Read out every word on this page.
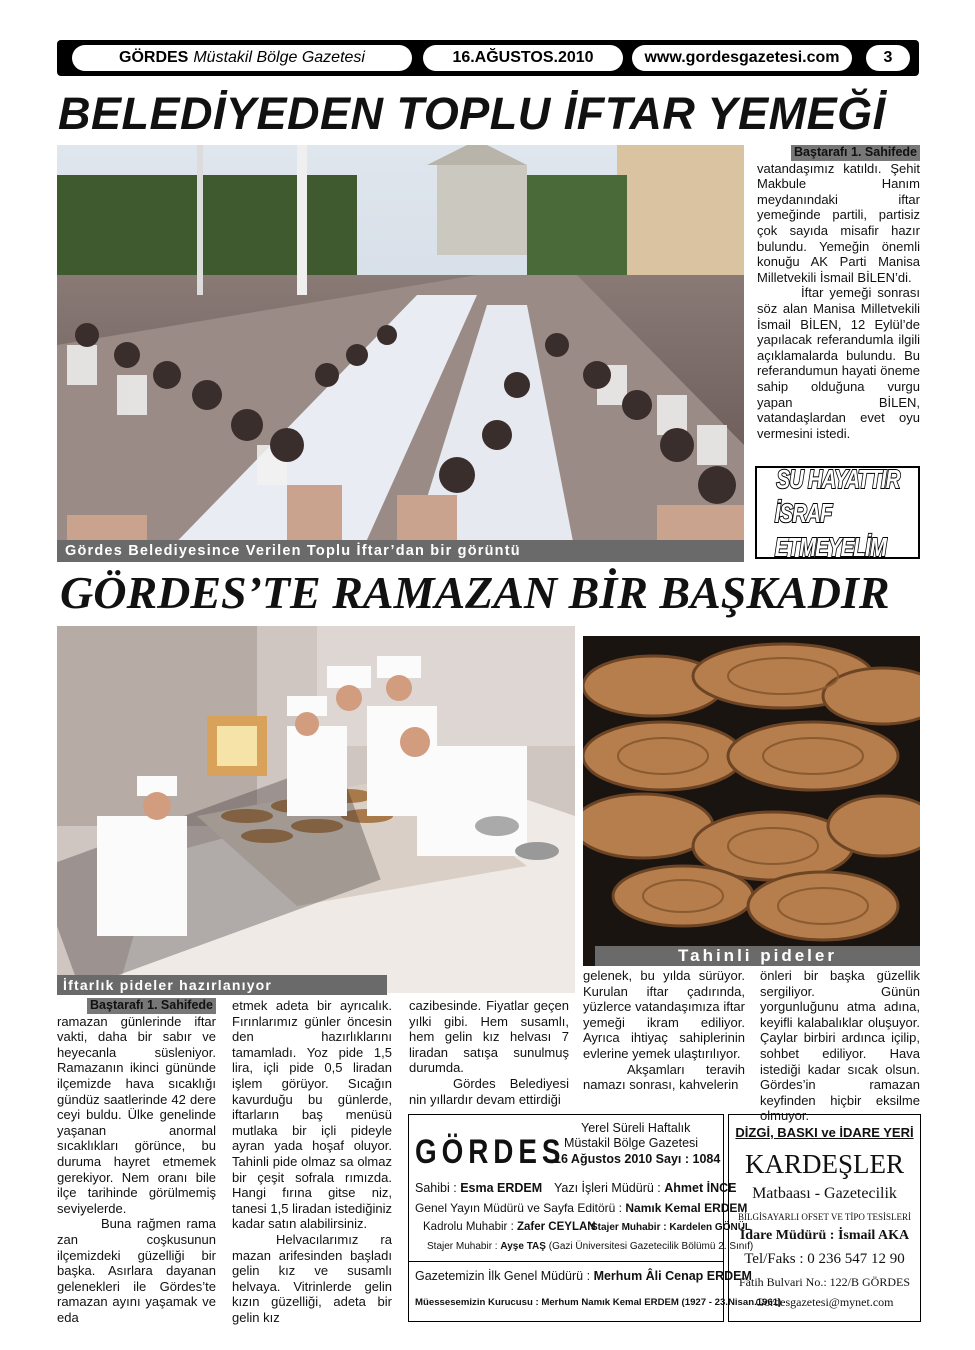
GÖRDES Müstakil Bölge Gazetesi	16.AĞUSTOS.2010	www.gordesgazetesi.com	3
BELEDİYEDEN TOPLU İFTAR YEMEĞİ
Gördes Belediyesince Verilen Toplu İftar’dan bir görüntü
Baştarafı 1. Sahifede

vatandaşımız katıldı. Şehit Makbule Hanım meydanındaki iftar yemeğinde partili, partisiz çok sayıda misafir hazır bulundu. Yemeğin önemli konuğu AK Parti Manisa Milletvekili İsmail BİLEN’di.

İftar yemeği sonrası söz alan Manisa Milletvekili İsmail BİLEN, 12 Eylül’de yapılacak referandumla ilgili açıklamalarda bulundu. Bu referandumun hayati öneme sahip olduğuna vurgu yapan BİLEN, vatandaşlardan evet oyu vermesini istedi.

SU HAYATTIR
İSRAF ETMEYELİM
GÖRDES’TE RAMAZAN BİR BAŞKADIR
İftarlık pideler hazırlanıyor
Tahinli pideler
Baştarafı 1. Sahifede

ramazan günlerinde iftar vakti, daha bir sabır ve heyecanla süsleniyor. Ramazanın ikinci gününde ilçemizde hava sıcaklığı gündüz saatlerinde 42 dere ceyi buldu. Ülke genelinde yaşanan anormal sıcaklıkları görünce, bu duruma hayret etmemek gerekiyor. Nem oranı bile ilçe tarihinde görülmemiş seviyelerde.

Buna rağmen rama zan coşkusunun ilçemizdeki güzelliği bir başka. Asırlara dayanan gelenekleri ile Gördes’te ramazan ayını yaşamak ve eda

etmek adeta bir ayrıcalık. Fırınlarımız günler öncesin den hazırlıklarını tamamladı. Yoz pide 1,5 lira, içli pide 0,5 liradan işlem görüyor. Sıcağın kavurduğu bu günlerde, iftarların baş menüsü mutlaka bir içli pideyle ayran yada hoşaf oluyor. Tahinli pide olmaz sa olmaz bir çeşit sofrala rımızda. Hangi fırına gitse niz, tanesi 1,5 liradan istediğiniz kadar satın alabilirsiniz.

Helvacılarımız ra mazan arifesinden başladı gelin kız ve susamlı helvaya. Vitrinlerde gelin kızın güzelliği, adeta bir gelin kız

cazibesinde. Fiyatlar geçen yılki gibi. Hem susamlı, hem gelin kız helvası 7 liradan satışa sunulmuş durumda.

Gördes Belediyesi nin yıllardır devam ettirdiği

gelenek, bu yılda sürüyor. Kurulan iftar çadırında, yüzlerce vatandaşımıza iftar yemeği ikram ediliyor. Ayrıca ihtiyaç sahiplerinin evlerine yemek ulaştırılıyor.

Akşamları teravih namazı sonrası, kahvelerin

önleri bir başka güzellik sergiliyor. Günün yorgunluğunu atma adına, keyifli kalabalıklar oluşuyor. Çaylar birbiri ardınca içilip, sohbet ediliyor. Hava istediği kadar sıcak olsun. Gördes’in ramazan keyfinden hiçbir eksilme olmuyor.

GÖRDES
Yerel Süreli Haftalık
Müstakil Bölge Gazetesi
16 Ağustos 2010 Sayı : 1084
Sahibi : Esma ERDEM Yazı İşleri Müdürü : Ahmet İNCE
Genel Yayın Müdürü ve Sayfa Editörü : Namık Kemal ERDEM
Kadrolu Muhabir : Zafer CEYLAN
Stajer Muhabir : Kardelen GÖNÜL
Stajer Muhabir : Ayşe TAŞ (Gazi Üniversitesi Gazetecilik Bölümü 2. Sınıf)
Gazetemizin İlk Genel Müdürü : Merhum Âli Cenap ERDEM
Müessesemizin Kurucusu : Merhum Namık Kemal ERDEM (1927 - 23.Nisan.1961)
DİZGİ, BASKI ve İDARE YERİ
KARDEŞLER
Matbaası - Gazetecilik
BİLGİSAYARLI OFSET VE TİPO TESİSLERİ
İdare Müdürü : İsmail AKA
Tel/Faks : 0 236 547 12 90
Fatih Bulvari No.: 122/B GÖRDES
Gordesgazetesi@mynet.com
